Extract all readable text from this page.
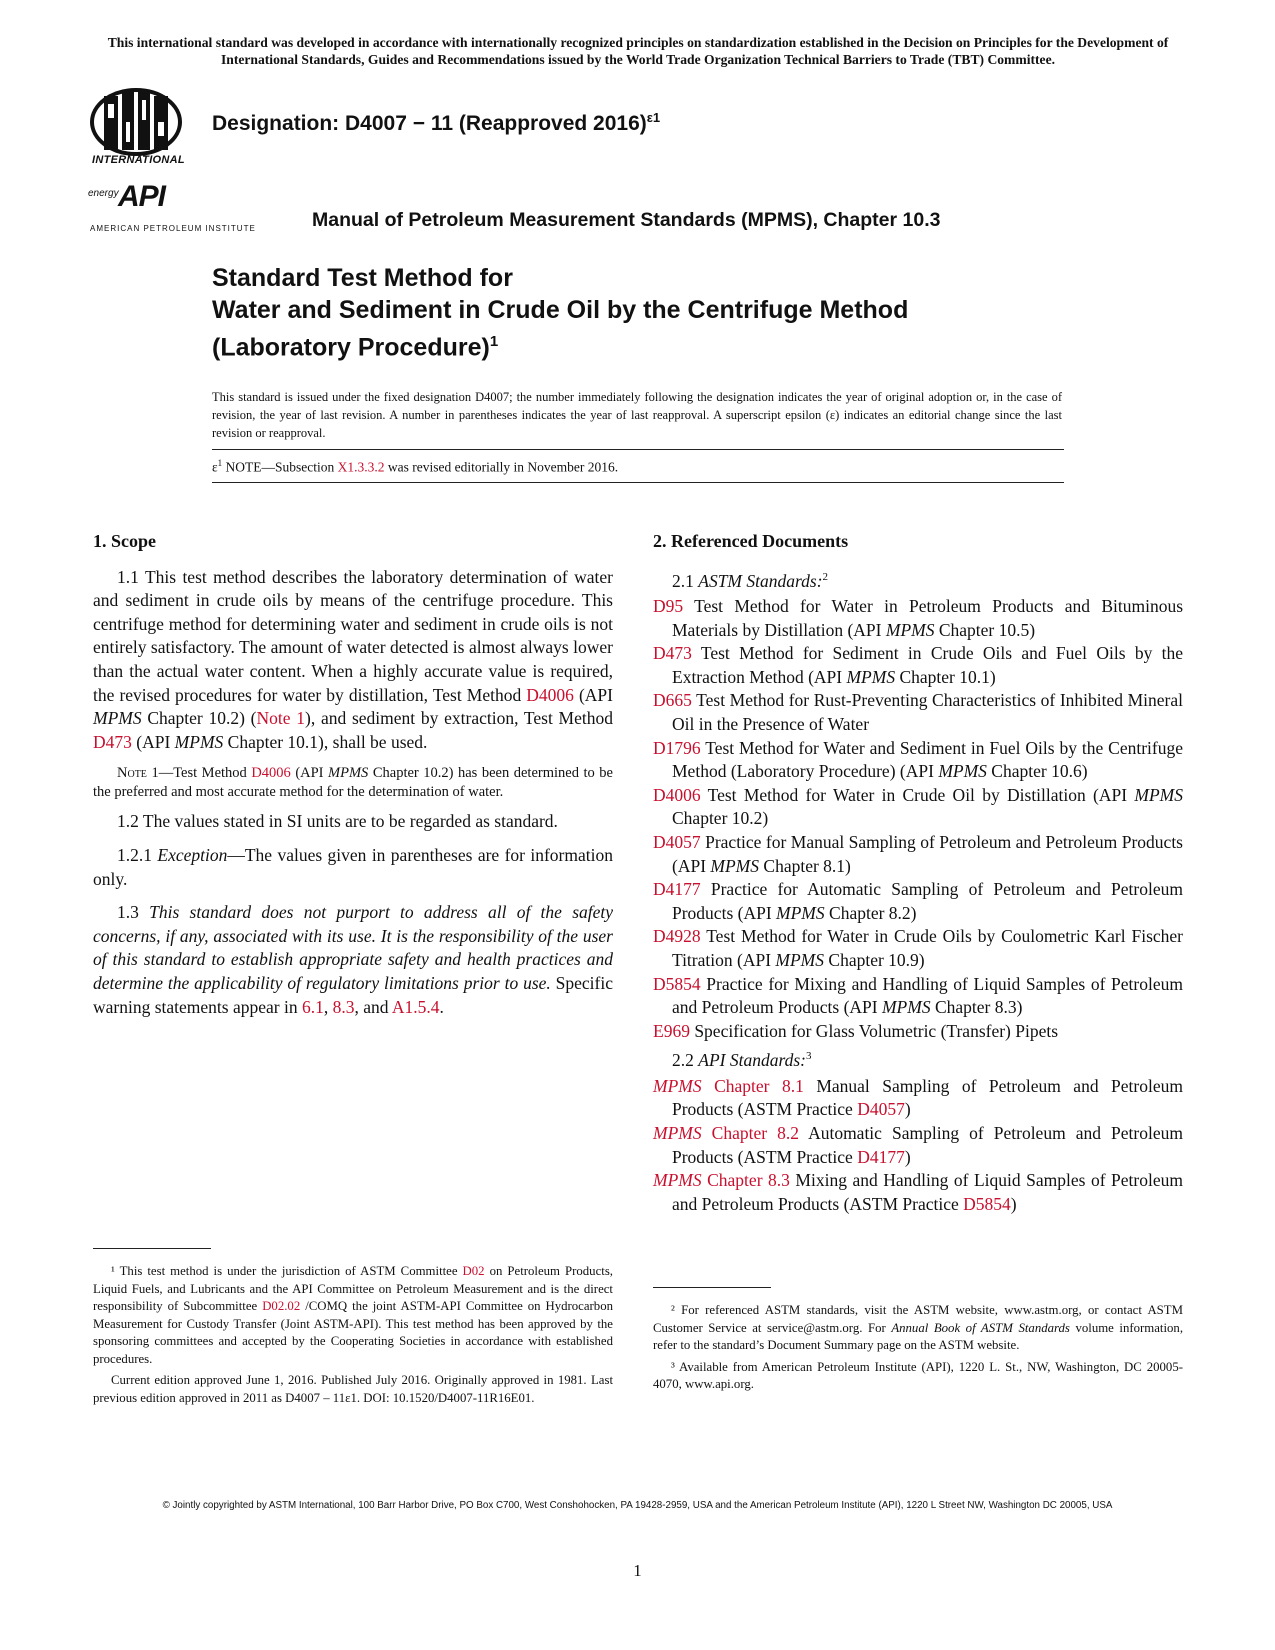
This international standard was developed in accordance with internationally recognized principles on standardization established in the Decision on Principles for the Development of International Standards, Guides and Recommendations issued by the World Trade Organization Technical Barriers to Trade (TBT) Committee.
INTERNATIONAL
energy API
AMERICAN PETROLEUM INSTITUTE
Designation: D4007 − 11 (Reapproved 2016)$^{\varepsilon 1}$
Manual of Petroleum Measurement Standards (MPMS), Chapter 10.3
Standard Test Method for
Water and Sediment in Crude Oil by the Centrifuge Method
(Laboratory Procedure)$^1$
This standard is issued under the fixed designation D4007; the number immediately following the designation indicates the year of original adoption or, in the case of revision, the year of last revision. A number in parentheses indicates the year of last reapproval. A superscript epsilon (ε) indicates an editorial change since the last revision or reapproval.
$\varepsilon^1$ NOTE—Subsection X1.3.3.2 was revised editorially in November 2016.
1. Scope

1.1 This test method describes the laboratory determination of water and sediment in crude oils by means of the centrifuge procedure. This centrifuge method for determining water and sediment in crude oils is not entirely satisfactory. The amount of water detected is almost always lower than the actual water content. When a highly accurate value is required, the revised procedures for water by distillation, Test Method D4006 (API MPMS Chapter 10.2) (Note 1), and sediment by extraction, Test Method D473 (API MPMS Chapter 10.1), shall be used.

Note 1—Test Method D4006 (API MPMS Chapter 10.2) has been determined to be the preferred and most accurate method for the determination of water.

1.2 The values stated in SI units are to be regarded as standard.

1.2.1 Exception—The values given in parentheses are for information only.

1.3 This standard does not purport to address all of the safety concerns, if any, associated with its use. It is the responsibility of the user of this standard to establish appropriate safety and health practices and determine the applicability of regulatory limitations prior to use. Specific warning statements appear in 6.1, 8.3, and A1.5.4.

2. Referenced Documents
2.1 ASTM Standards:$^2$

D95 Test Method for Water in Petroleum Products and Bituminous Materials by Distillation (API MPMS Chapter 10.5)

D473 Test Method for Sediment in Crude Oils and Fuel Oils by the Extraction Method (API MPMS Chapter 10.1)

D665 Test Method for Rust-Preventing Characteristics of Inhibited Mineral Oil in the Presence of Water

D1796 Test Method for Water and Sediment in Fuel Oils by the Centrifuge Method (Laboratory Procedure) (API MPMS Chapter 10.6)

D4006 Test Method for Water in Crude Oil by Distillation (API MPMS Chapter 10.2)

D4057 Practice for Manual Sampling of Petroleum and Petroleum Products (API MPMS Chapter 8.1)

D4177 Practice for Automatic Sampling of Petroleum and Petroleum Products (API MPMS Chapter 8.2)

D4928 Test Method for Water in Crude Oils by Coulometric Karl Fischer Titration (API MPMS Chapter 10.9)

D5854 Practice for Mixing and Handling of Liquid Samples of Petroleum and Petroleum Products (API MPMS Chapter 8.3)

E969 Specification for Glass Volumetric (Transfer) Pipets

2.2 API Standards:$^3$

MPMS Chapter 8.1 Manual Sampling of Petroleum and Petroleum Products (ASTM Practice D4057)

MPMS Chapter 8.2 Automatic Sampling of Petroleum and Petroleum Products (ASTM Practice D4177)

MPMS Chapter 8.3 Mixing and Handling of Liquid Samples of Petroleum and Petroleum Products (ASTM Practice D5854)

¹ This test method is under the jurisdiction of ASTM Committee D02 on Petroleum Products, Liquid Fuels, and Lubricants and the API Committee on Petroleum Measurement and is the direct responsibility of Subcommittee D02.02 /COMQ the joint ASTM-API Committee on Hydrocarbon Measurement for Custody Transfer (Joint ASTM-API). This test method has been approved by the sponsoring committees and accepted by the Cooperating Societies in accordance with established procedures.

Current edition approved June 1, 2016. Published July 2016. Originally approved in 1981. Last previous edition approved in 2011 as D4007 – 11ε1. DOI: 10.1520/D4007-11R16E01.

² For referenced ASTM standards, visit the ASTM website, www.astm.org, or contact ASTM Customer Service at service@astm.org. For Annual Book of ASTM Standards volume information, refer to the standard’s Document Summary page on the ASTM website.

³ Available from American Petroleum Institute (API), 1220 L. St., NW, Washington, DC 20005-4070, www.api.org.

© Jointly copyrighted by ASTM International, 100 Barr Harbor Drive, PO Box C700, West Conshohocken, PA 19428-2959, USA and the American Petroleum Institute (API), 1220 L Street NW, Washington DC 20005, USA
1
